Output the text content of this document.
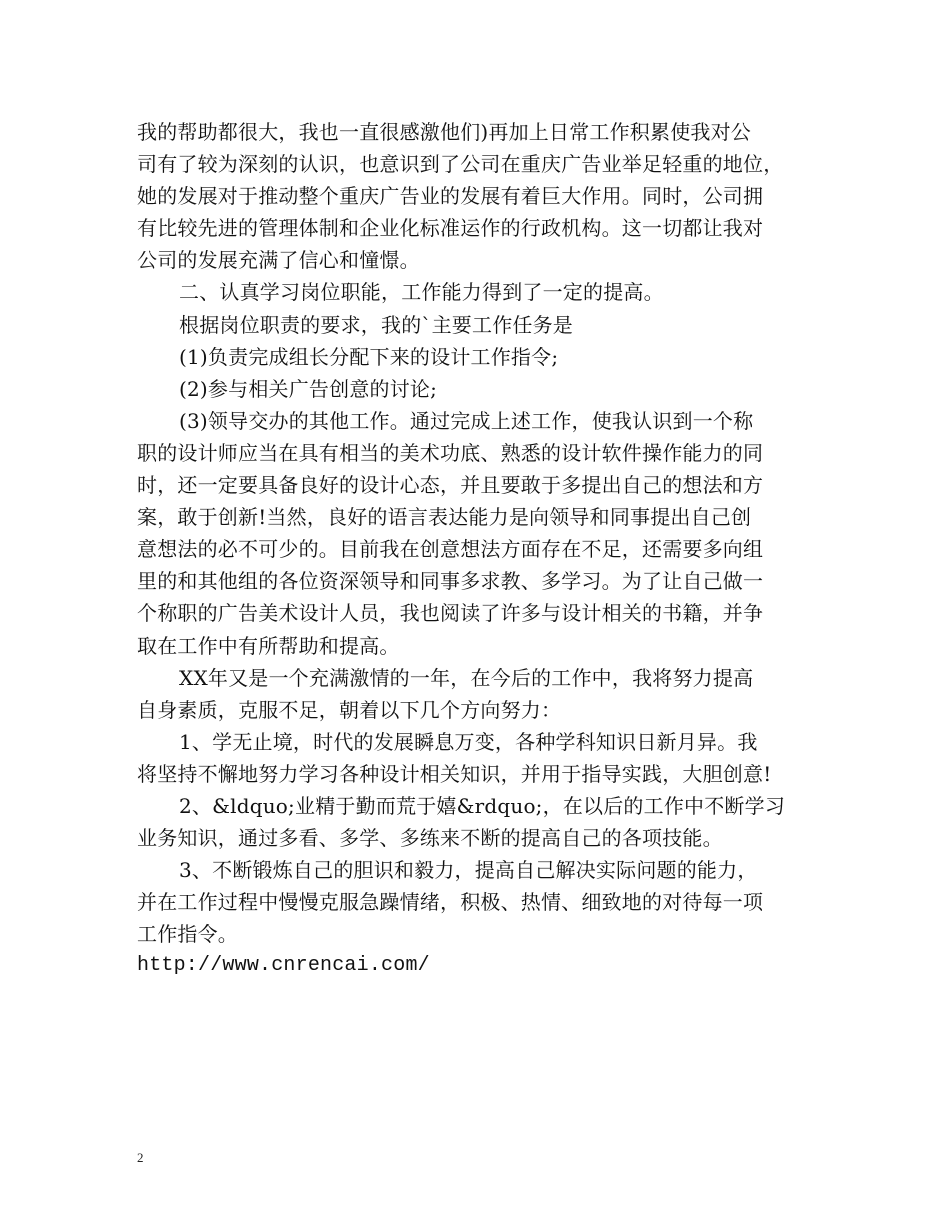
我的帮助都很大，我也一直很感激他们)再加上日常工作积累使我对公
司有了较为深刻的认识，也意识到了公司在重庆广告业举足轻重的地位，
她的发展对于推动整个重庆广告业的发展有着巨大作用。同时，公司拥
有比较先进的管理体制和企业化标准运作的行政机构。这一切都让我对
公司的发展充满了信心和憧憬。
二、认真学习岗位职能，工作能力得到了一定的提高。
根据岗位职责的要求，我的`主要工作任务是
(1)负责完成组长分配下来的设计工作指令;
(2)参与相关广告创意的讨论;
(3)领导交办的其他工作。通过完成上述工作，使我认识到一个称
职的设计师应当在具有相当的美术功底、熟悉的设计软件操作能力的同
时，还一定要具备良好的设计心态，并且要敢于多提出自己的想法和方
案，敢于创新!当然，良好的语言表达能力是向领导和同事提出自己创
意想法的必不可少的。目前我在创意想法方面存在不足，还需要多向组
里的和其他组的各位资深领导和同事多求教、多学习。为了让自己做一
个称职的广告美术设计人员，我也阅读了许多与设计相关的书籍，并争
取在工作中有所帮助和提高。
XX年又是一个充满激情的一年，在今后的工作中，我将努力提高
自身素质，克服不足，朝着以下几个方向努力：
1、学无止境，时代的发展瞬息万变，各种学科知识日新月异。我
将坚持不懈地努力学习各种设计相关知识，并用于指导实践，大胆创意!
2、&ldquo;业精于勤而荒于嬉&rdquo;，在以后的工作中不断学习
业务知识，通过多看、多学、多练来不断的提高自己的各项技能。
3、不断锻炼自己的胆识和毅力，提高自己解决实际问题的能力，
并在工作过程中慢慢克服急躁情绪，积极、热情、细致地的对待每一项
工作指令。
http://www.cnrencai.com/
2
